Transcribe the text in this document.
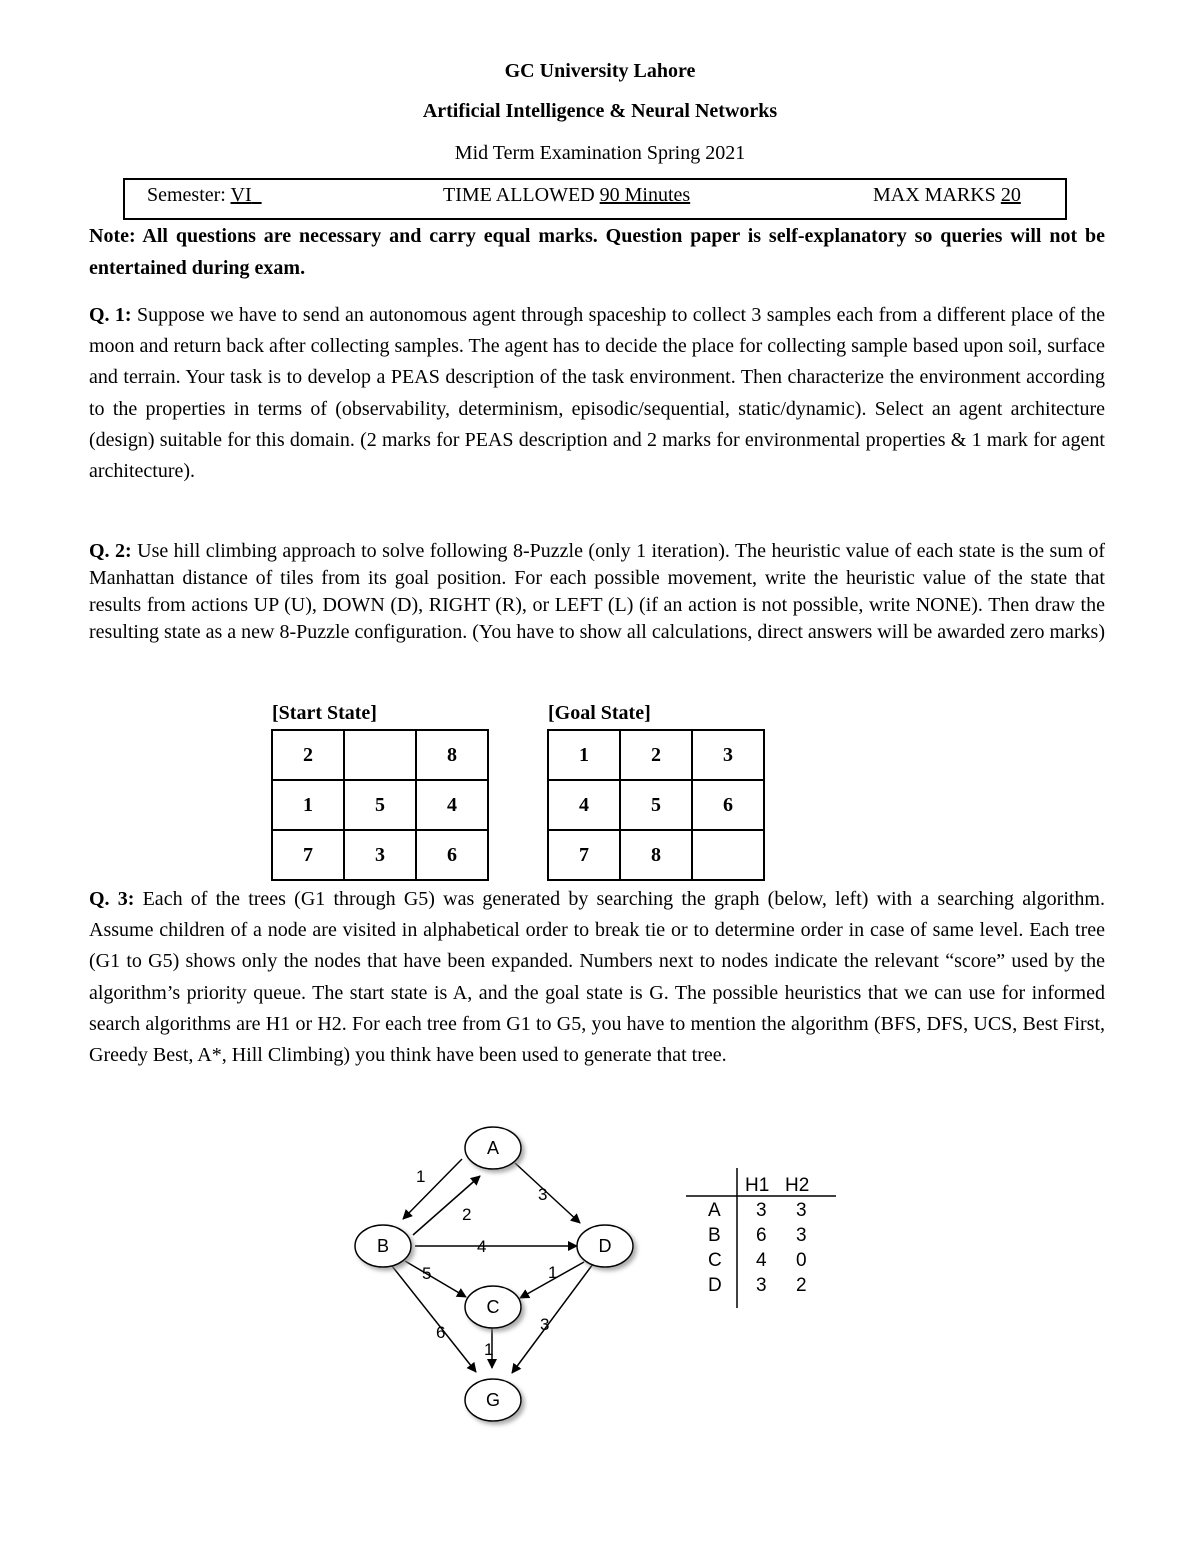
GC University Lahore
Artificial Intelligence & Neural Networks
Mid Term Examination Spring 2021
Semester: VI	TIME ALLOWED 90 Minutes	MAX MARKS 20
Note: All questions are necessary and carry equal marks. Question paper is self-explanatory so queries will not be entertained during exam.
Q. 1: Suppose we have to send an autonomous agent through spaceship to collect 3 samples each from a different place of the moon and return back after collecting samples. The agent has to decide the place for collecting sample based upon soil, surface and terrain. Your task is to develop a PEAS description of the task environment. Then characterize the environment according to the properties in terms of (observability, determinism, episodic/sequential, static/dynamic). Select an agent architecture (design) suitable for this domain. (2 marks for PEAS description and 2 marks for environmental properties & 1 mark for agent architecture).
Q. 2: Use hill climbing approach to solve following 8-Puzzle (only 1 iteration). The heuristic value of each state is the sum of Manhattan distance of tiles from its goal position. For each possible movement, write the heuristic value of the state that results from actions UP (U), DOWN (D), RIGHT (R), or LEFT (L) (if an action is not possible, write NONE). Then draw the resulting state as a new 8-Puzzle configuration. (You have to show all calculations, direct answers will be awarded zero marks)
[Start State]	[Goal State]
2		8
1	5	4
7	3	6
1	2	3
4	5	6
7	8	
Q. 3: Each of the trees (G1 through G5) was generated by searching the graph (below, left) with a searching algorithm. Assume children of a node are visited in alphabetical order to break tie or to determine order in case of same level. Each tree (G1 to G5) shows only the nodes that have been expanded. Numbers next to nodes indicate the relevant “score” used by the algorithm’s priority queue. The start state is A, and the goal state is G. The possible heuristics that we can use for informed search algorithms are H1 or H2. For each tree from G1 to G5, you have to mention the algorithm (BFS, DFS, UCS, Best First, Greedy Best, A*, Hill Climbing) you think have been used to generate that tree.
1
2
3
4
5	1
6
1
3
A
B
C
D
G
H1 H2
A 3 3
B 6 3
C 4 0
D 3 2
